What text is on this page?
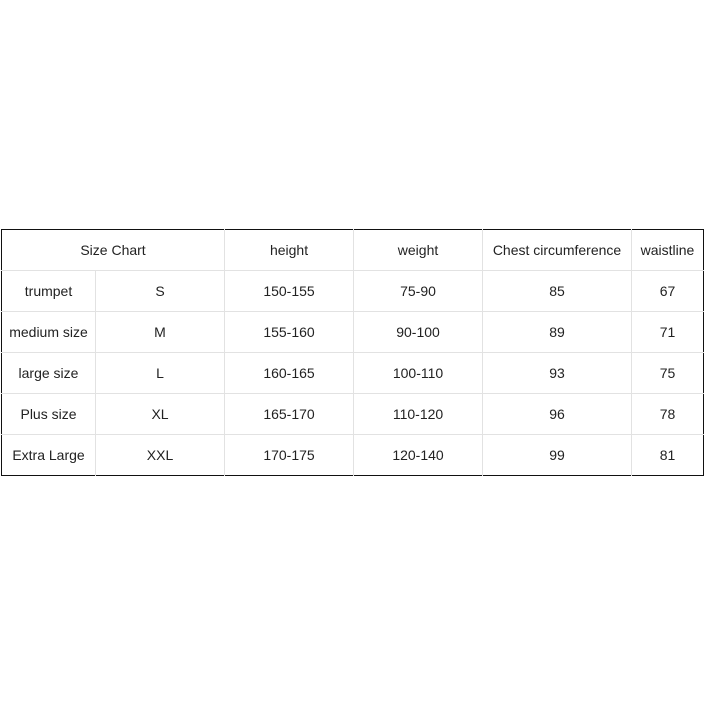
Size Chart		height	weight	Chest circumference	waistline
trumpet	S	150-155	75-90	85	67
medium size	M	155-160	90-100	89	71
large size	L	160-165	100-110	93	75
Plus size	XL	165-170	110-120	96	78
Extra Large	XXL	170-175	120-140	99	81
